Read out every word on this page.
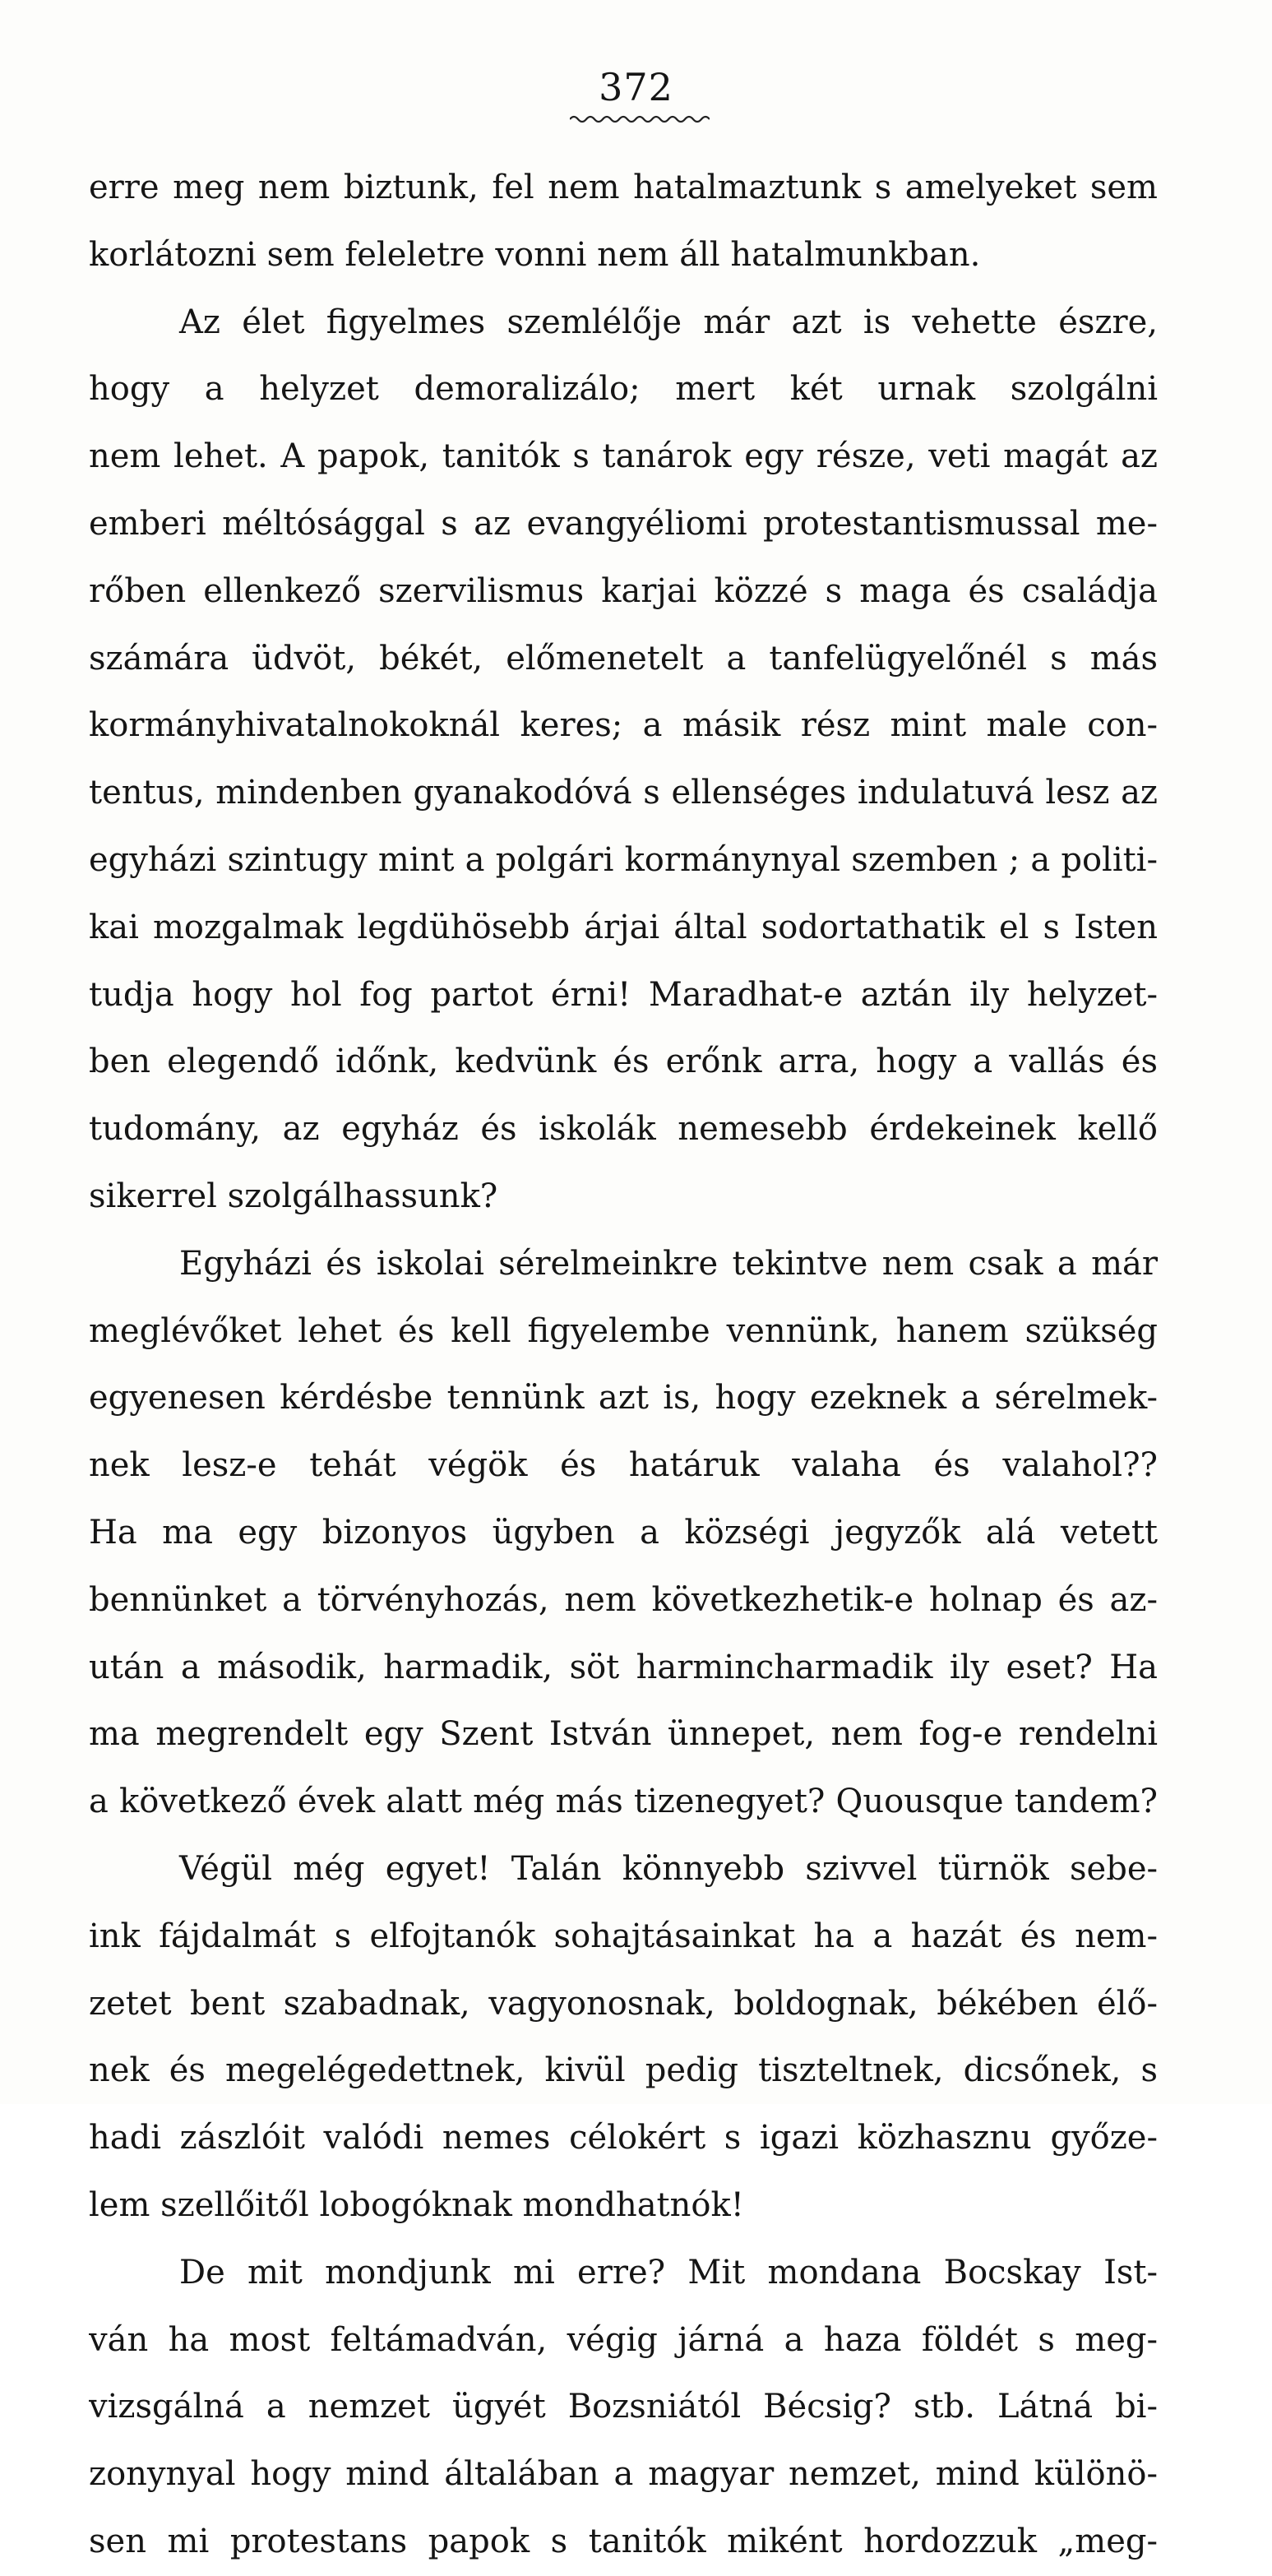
372
erre meg nem biztunk, fel nem hatalmaztunk s amelyeket sem
korlátozni sem feleletre vonni nem áll hatalmunkban.
Az élet figyelmes szemlélője már azt is vehette észre,
hogy a helyzet demoralizálo; mert két urnak szolgálni
nem lehet. A papok, tanitók s tanárok egy része, veti magát az
emberi méltósággal s az evangyéliomi protestantismussal me-
rőben ellenkező szervilismus karjai közzé s maga és családja
számára üdvöt, békét, előmenetelt a tanfelügyelőnél s más
kormányhivatalnokoknál keres; a másik rész mint male con-
tentus, mindenben gyanakodóvá s ellenséges indulatuvá lesz az
egyházi szintugy mint a polgári kormánynyal szemben ; a politi-
kai mozgalmak legdühösebb árjai által sodortathatik el s Isten
tudja hogy hol fog partot érni! Maradhat-e aztán ily helyzet-
ben elegendő időnk, kedvünk és erőnk arra, hogy a vallás és
tudomány, az egyház és iskolák nemesebb érdekeinek kellő
sikerrel szolgálhassunk?
Egyházi és iskolai sérelmeinkre tekintve nem csak a már
meglévőket lehet és kell figyelembe vennünk, hanem szükség
egyenesen kérdésbe tennünk azt is, hogy ezeknek a sérelmek-
nek lesz-e tehát végök és határuk valaha és valahol??
Ha ma egy bizonyos ügyben a községi jegyzők alá vetett
bennünket a törvényhozás, nem következhetik-e holnap és az-
után a második, harmadik, söt harmincharmadik ily eset? Ha
ma megrendelt egy Szent István ünnepet, nem fog-e rendelni
a következő évek alatt még más tizenegyet? Quousque tandem?
Végül még egyet! Talán könnyebb szivvel türnök sebe-
ink fájdalmát s elfojtanók sohajtásainkat ha a hazát és nem-
zetet bent szabadnak, vagyonosnak, boldognak, békében élő-
nek és megelégedettnek, kivül pedig tiszteltnek, dicsőnek, s
hadi zászlóit valódi nemes célokért s igazi közhasznu győze-
lem szellőitől lobogóknak mondhatnók!
De mit mondjunk mi erre? Mit mondana Bocskay Ist-
ván ha most feltámadván, végig járná a haza földét s meg-
vizsgálná a nemzet ügyét Bozsniától Bécsig? stb. Látná bi-
zonynyal hogy mind általában a magyar nemzet, mind különö-
sen mi protestans papok s tanitók miként hordozzuk „meg-
